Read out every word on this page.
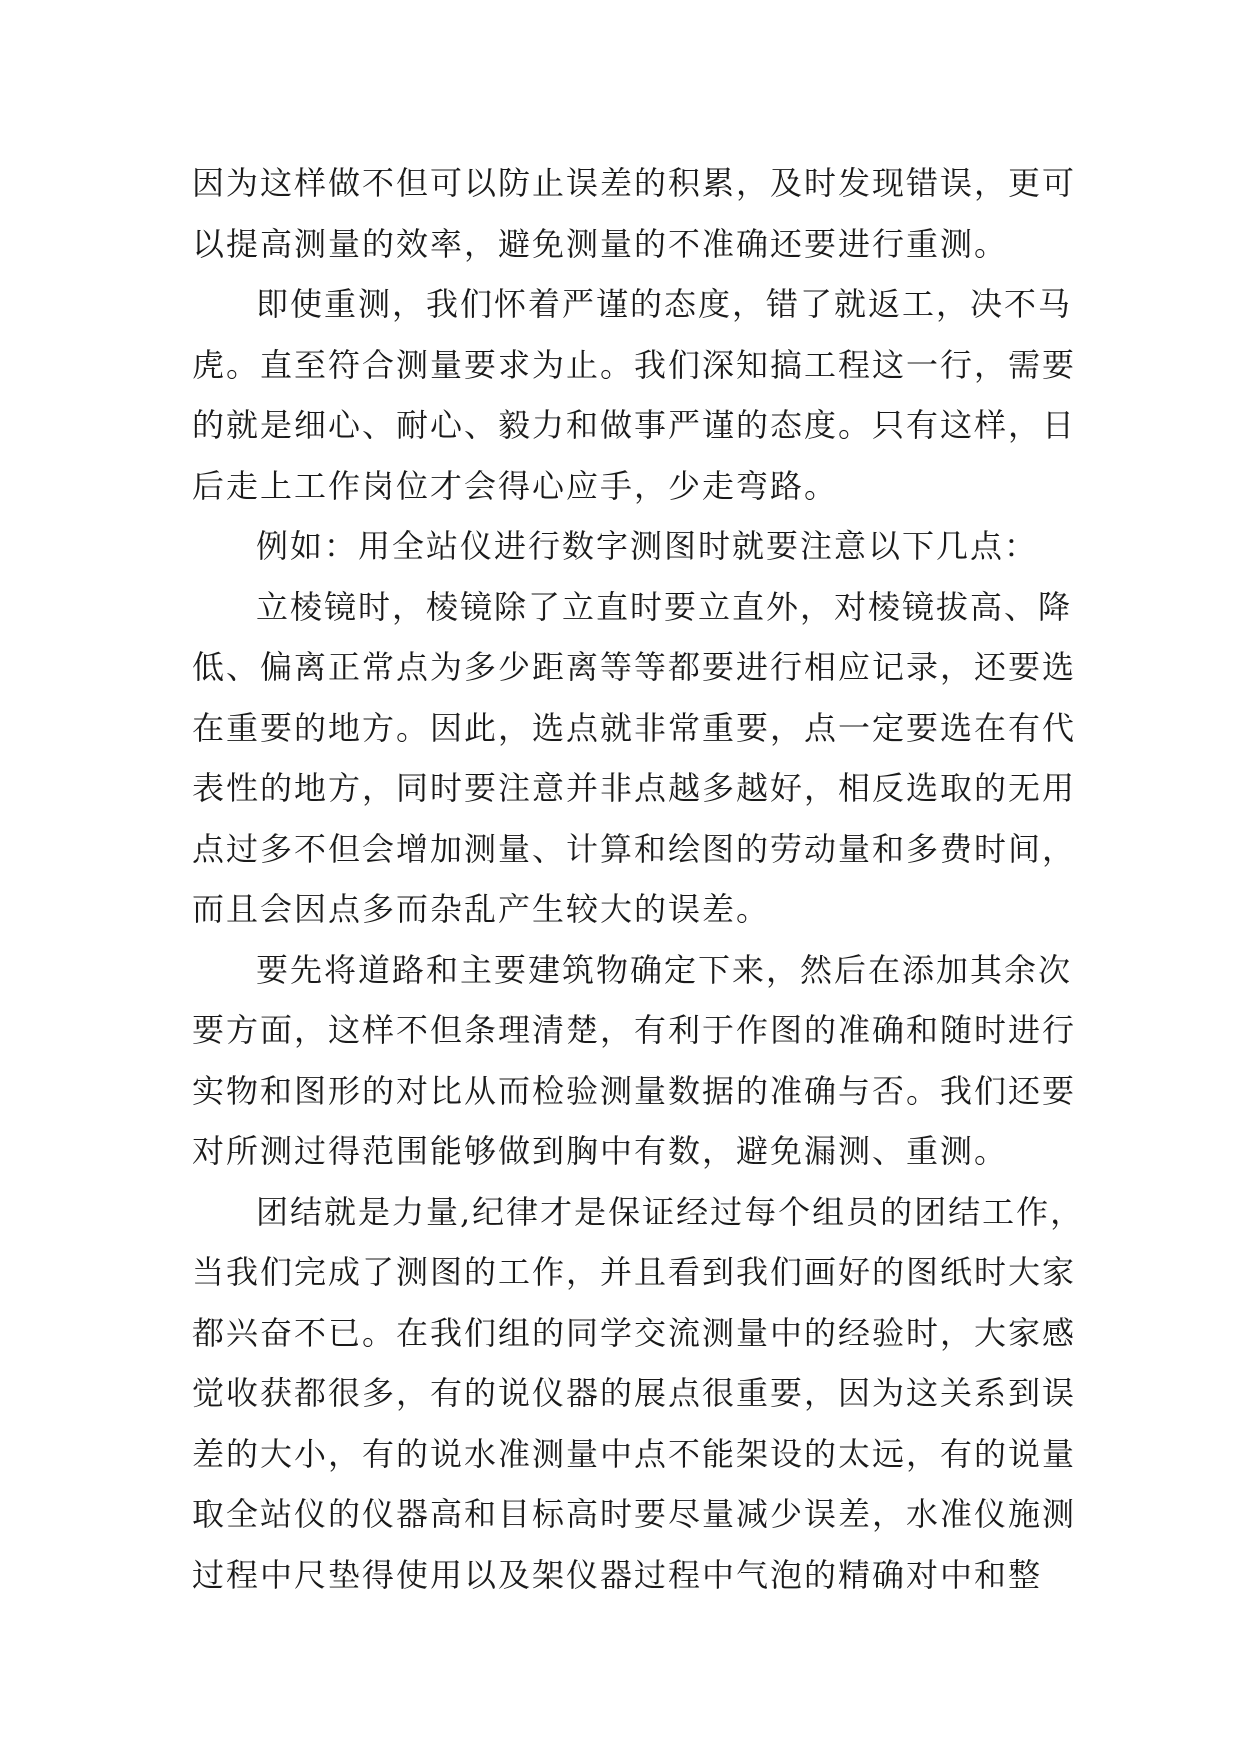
因为这样做不但可以防止误差的积累，及时发现错误，更可
以提高测量的效率，避免测量的不准确还要进行重测。
即使重测，我们怀着严谨的态度，错了就返工，决不马
虎。直至符合测量要求为止。我们深知搞工程这一行，需要
的就是细心、耐心、毅力和做事严谨的态度。只有这样，日
后走上工作岗位才会得心应手，少走弯路。
例如：用全站仪进行数字测图时就要注意以下几点：
立棱镜时，棱镜除了立直时要立直外，对棱镜拔高、降
低、偏离正常点为多少距离等等都要进行相应记录，还要选
在重要的地方。因此，选点就非常重要，点一定要选在有代
表性的地方，同时要注意并非点越多越好，相反选取的无用
点过多不但会增加测量、计算和绘图的劳动量和多费时间，
而且会因点多而杂乱产生较大的误差。
要先将道路和主要建筑物确定下来，然后在添加其余次
要方面，这样不但条理清楚，有利于作图的准确和随时进行
实物和图形的对比从而检验测量数据的准确与否。我们还要
对所测过得范围能够做到胸中有数，避免漏测、重测。
团结就是力量,纪律才是保证经过每个组员的团结工作，
当我们完成了测图的工作，并且看到我们画好的图纸时大家
都兴奋不已。在我们组的同学交流测量中的经验时，大家感
觉收获都很多，有的说仪器的展点很重要，因为这关系到误
差的大小，有的说水准测量中点不能架设的太远，有的说量
取全站仪的仪器高和目标高时要尽量减少误差，水准仪施测
过程中尺垫得使用以及架仪器过程中气泡的精确对中和整
